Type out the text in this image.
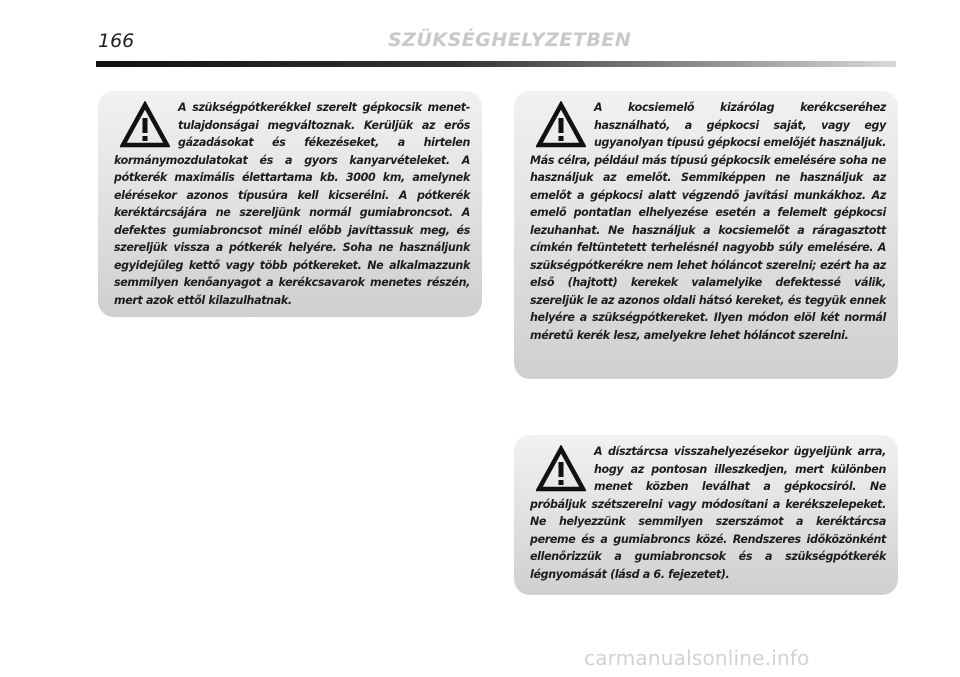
166	SZÜKSÉGHELYZETBEN

A szükségpótkerékkel szerelt gépkocsik menet-tulajdonságai megváltoznak. Kerüljük az erős gázadásokat és fékezéseket, a hirtelen kormánymozdulatokat és a gyors kanyarvételeket. A pótkerék maximális élettartama kb. 3000 km, amelynek elérésekor azonos típusúra kell kicserélni. A pótkerék keréktárcsájára ne szereljünk normál gumiabroncsot. A defektes gumiabroncsot minél előbb javíttassuk meg, és szereljük vissza a pótkerék helyére. Soha ne használjunk egyidejűleg kettő vagy több pótkereket. Ne alkalmazzunk semmilyen kenőanyagot a kerékcsavarok menetes részén, mert azok ettől kilazulhatnak.

A kocsiemelő kizárólag kerékcseréhez használható, a gépkocsi saját, vagy egy ugyanolyan típusú gépkocsi emelőjét használjuk. Más célra, például más típusú gépkocsik emelésére soha ne használjuk az emelőt. Semmiképpen ne használjuk az emelőt a gépkocsi alatt végzendő javítási munkákhoz. Az emelő pontatlan elhelyezése esetén a felemelt gépkocsi lezuhanhat. Ne használjuk a kocsiemelőt a ráragasztott címkén feltüntetett terhelésnél nagyobb súly emelésére. A szükségpótkerékre nem lehet hóláncot szerelni; ezért ha az első (hajtott) kerekek valamelyike defektessé válik, szereljük le az azonos oldali hátsó kereket, és tegyük ennek helyére a szükségpótkereket. Ilyen módon elöl két normál méretű kerék lesz, amelyekre lehet hóláncot szerelni.

A dísztárcsa visszahelyezésekor ügyeljünk arra, hogy az pontosan illeszkedjen, mert különben menet közben leválhat a gépkocsiról. Ne próbáljuk szétszerelni vagy módosítani a kerékszelepeket. Ne helyezzünk semmilyen szerszámot a keréktárcsa pereme és a gumiabroncs közé. Rendszeres időközönként ellenőrizzük a gumiabroncsok és a szükségpótkerék légnyomását (lásd a 6. fejezetet).

carmanualsonline.info
